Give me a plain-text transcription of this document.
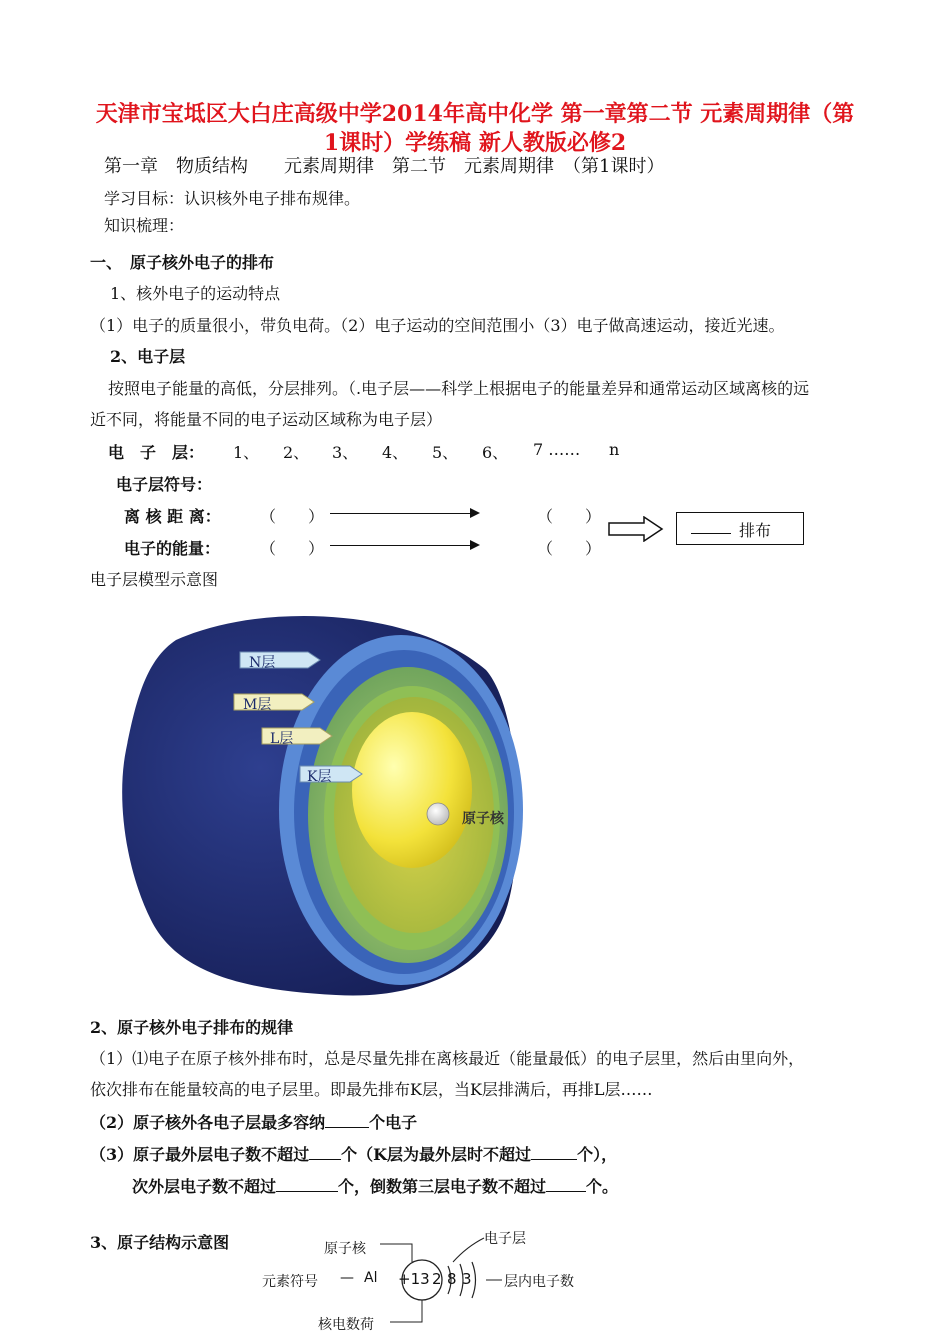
天津市宝坻区大白庄高级中学2014年高中化学 第一章第二节 元素周期律（第
1课时）学练稿 新人教版必修2
第一章　物质结构　　元素周期律　第二节　元素周期律　（第1课时）
学习目标：认识核外电子排布规律。
知识梳理：
一、　原子核外电子的排布
1、核外电子的运动特点
（1）电子的质量很小，带负电荷。（2）电子运动的空间范围小（3）电子做高速运动，接近光速。
2、电子层
按照电子能量的高低，分层排列。（.电子层——科学上根据电子的能量差异和通常运动区域离核的远
近不同，将能量不同的电子运动区域称为电子层）
电　子　层： 1、 2、 3、 4、 5、 6、 7 …… n
电子层符号：
离 核 距 离： （　　）	（　　）
电子的能量： （　　）	（　　）
排布
电子层模型示意图
N层
M层
L层
K层
原子核
2、原子核外电子排布的规律
（1）⑴电子在原子核外排布时，总是尽量先排在离核最近（能量最低）的电子层里，然后由里向外，
依次排布在能量较高的电子层里。即最先排布K层，当K层排满后，再排L层……
（2）原子核外各电子层最多容纳	个电子
（3）原子最外层电子数不超过 个（K层为最外层时不超过	个），
次外层电子数不超过	个，倒数第三层电子数不超过	个。
3、原子结构示意图	原子核
电子层
元素符号 — Al +13 2 8 3 层内电子数
核电数荷
